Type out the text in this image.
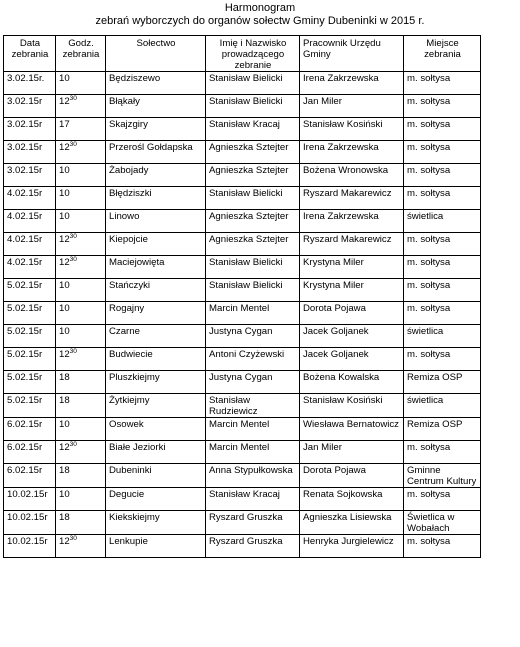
Harmonogram
zebrań wyborczych do organów sołectw Gminy Dubeninki w 2015 r.
Data zebrania	Godz. zebrania	Sołectwo	Imię i Nazwisko prowadzącego zebranie	Pracownik Urzędu Gminy	Miejsce zebrania
3.02.15r.	10	Będziszewo	Stanisław Bielicki	Irena Zakrzewska	m. sołtysa
3.02.15r	$12^{30}$	Błąkały	Stanisław Bielicki	Jan Miler	m. sołtysa
3.02.15r	17	Skajzgiry	Stanisław Kracaj	Stanisław Kosiński	m. sołtysa
3.02.15r	$12^{30}$	Przerośl Gołdapska	Agnieszka Sztejter	Irena Zakrzewska	m. sołtysa
3.02.15r	10	Żabojady	Agnieszka Sztejter	Bożena Wronowska	m. sołtysa
4.02.15r	10	Błędziszki	Stanisław Bielicki	Ryszard Makarewicz	m. sołtysa
4.02.15r	10	Linowo	Agnieszka Sztejter	Irena Zakrzewska	świetlica
4.02.15r	$12^{30}$	Kiepojcie	Agnieszka Sztejter	Ryszard Makarewicz	m. sołtysa
4.02.15r	$12^{30}$	Maciejowięta	Stanisław Bielicki	Krystyna Miler	m. sołtysa
5.02.15r	10	Stańczyki	Stanisław Bielicki	Krystyna Miler	m. sołtysa
5.02.15r	10	Rogajny	Marcin Mentel	Dorota Pojawa	m. sołtysa
5.02.15r	10	Czarne	Justyna Cygan	Jacek Goljanek	świetlica
5.02.15r	$12^{30}$	Budwiecie	Antoni Czyżewski	Jacek Goljanek	m. sołtysa
5.02.15r	18	Pluszkiejmy	Justyna Cygan	Bożena Kowalska	Remiza OSP
5.02.15r	18	Żytkiejmy	Stanisław Rudziewicz	Stanisław Kosiński	świetlica
6.02.15r	10	Osowek	Marcin Mentel	Wiesława Bernatowicz	Remiza OSP
6.02.15r	$12^{30}$	Białe Jeziorki	Marcin Mentel	Jan Miler	m. sołtysa
6.02.15r	18	Dubeninki	Anna Stypułkowska	Dorota Pojawa	Gminne Centrum Kultury
10.02.15r	10	Degucie	Stanisław Kracaj	Renata Sojkowska	m. sołtysa
10.02.15r	18	Kiekskiejmy	Ryszard Gruszka	Agnieszka Lisiewska	Świetlica w Wobałach
10.02.15r	$12^{30}$	Lenkupie	Ryszard Gruszka	Henryka Jurgielewicz	m. sołtysa
